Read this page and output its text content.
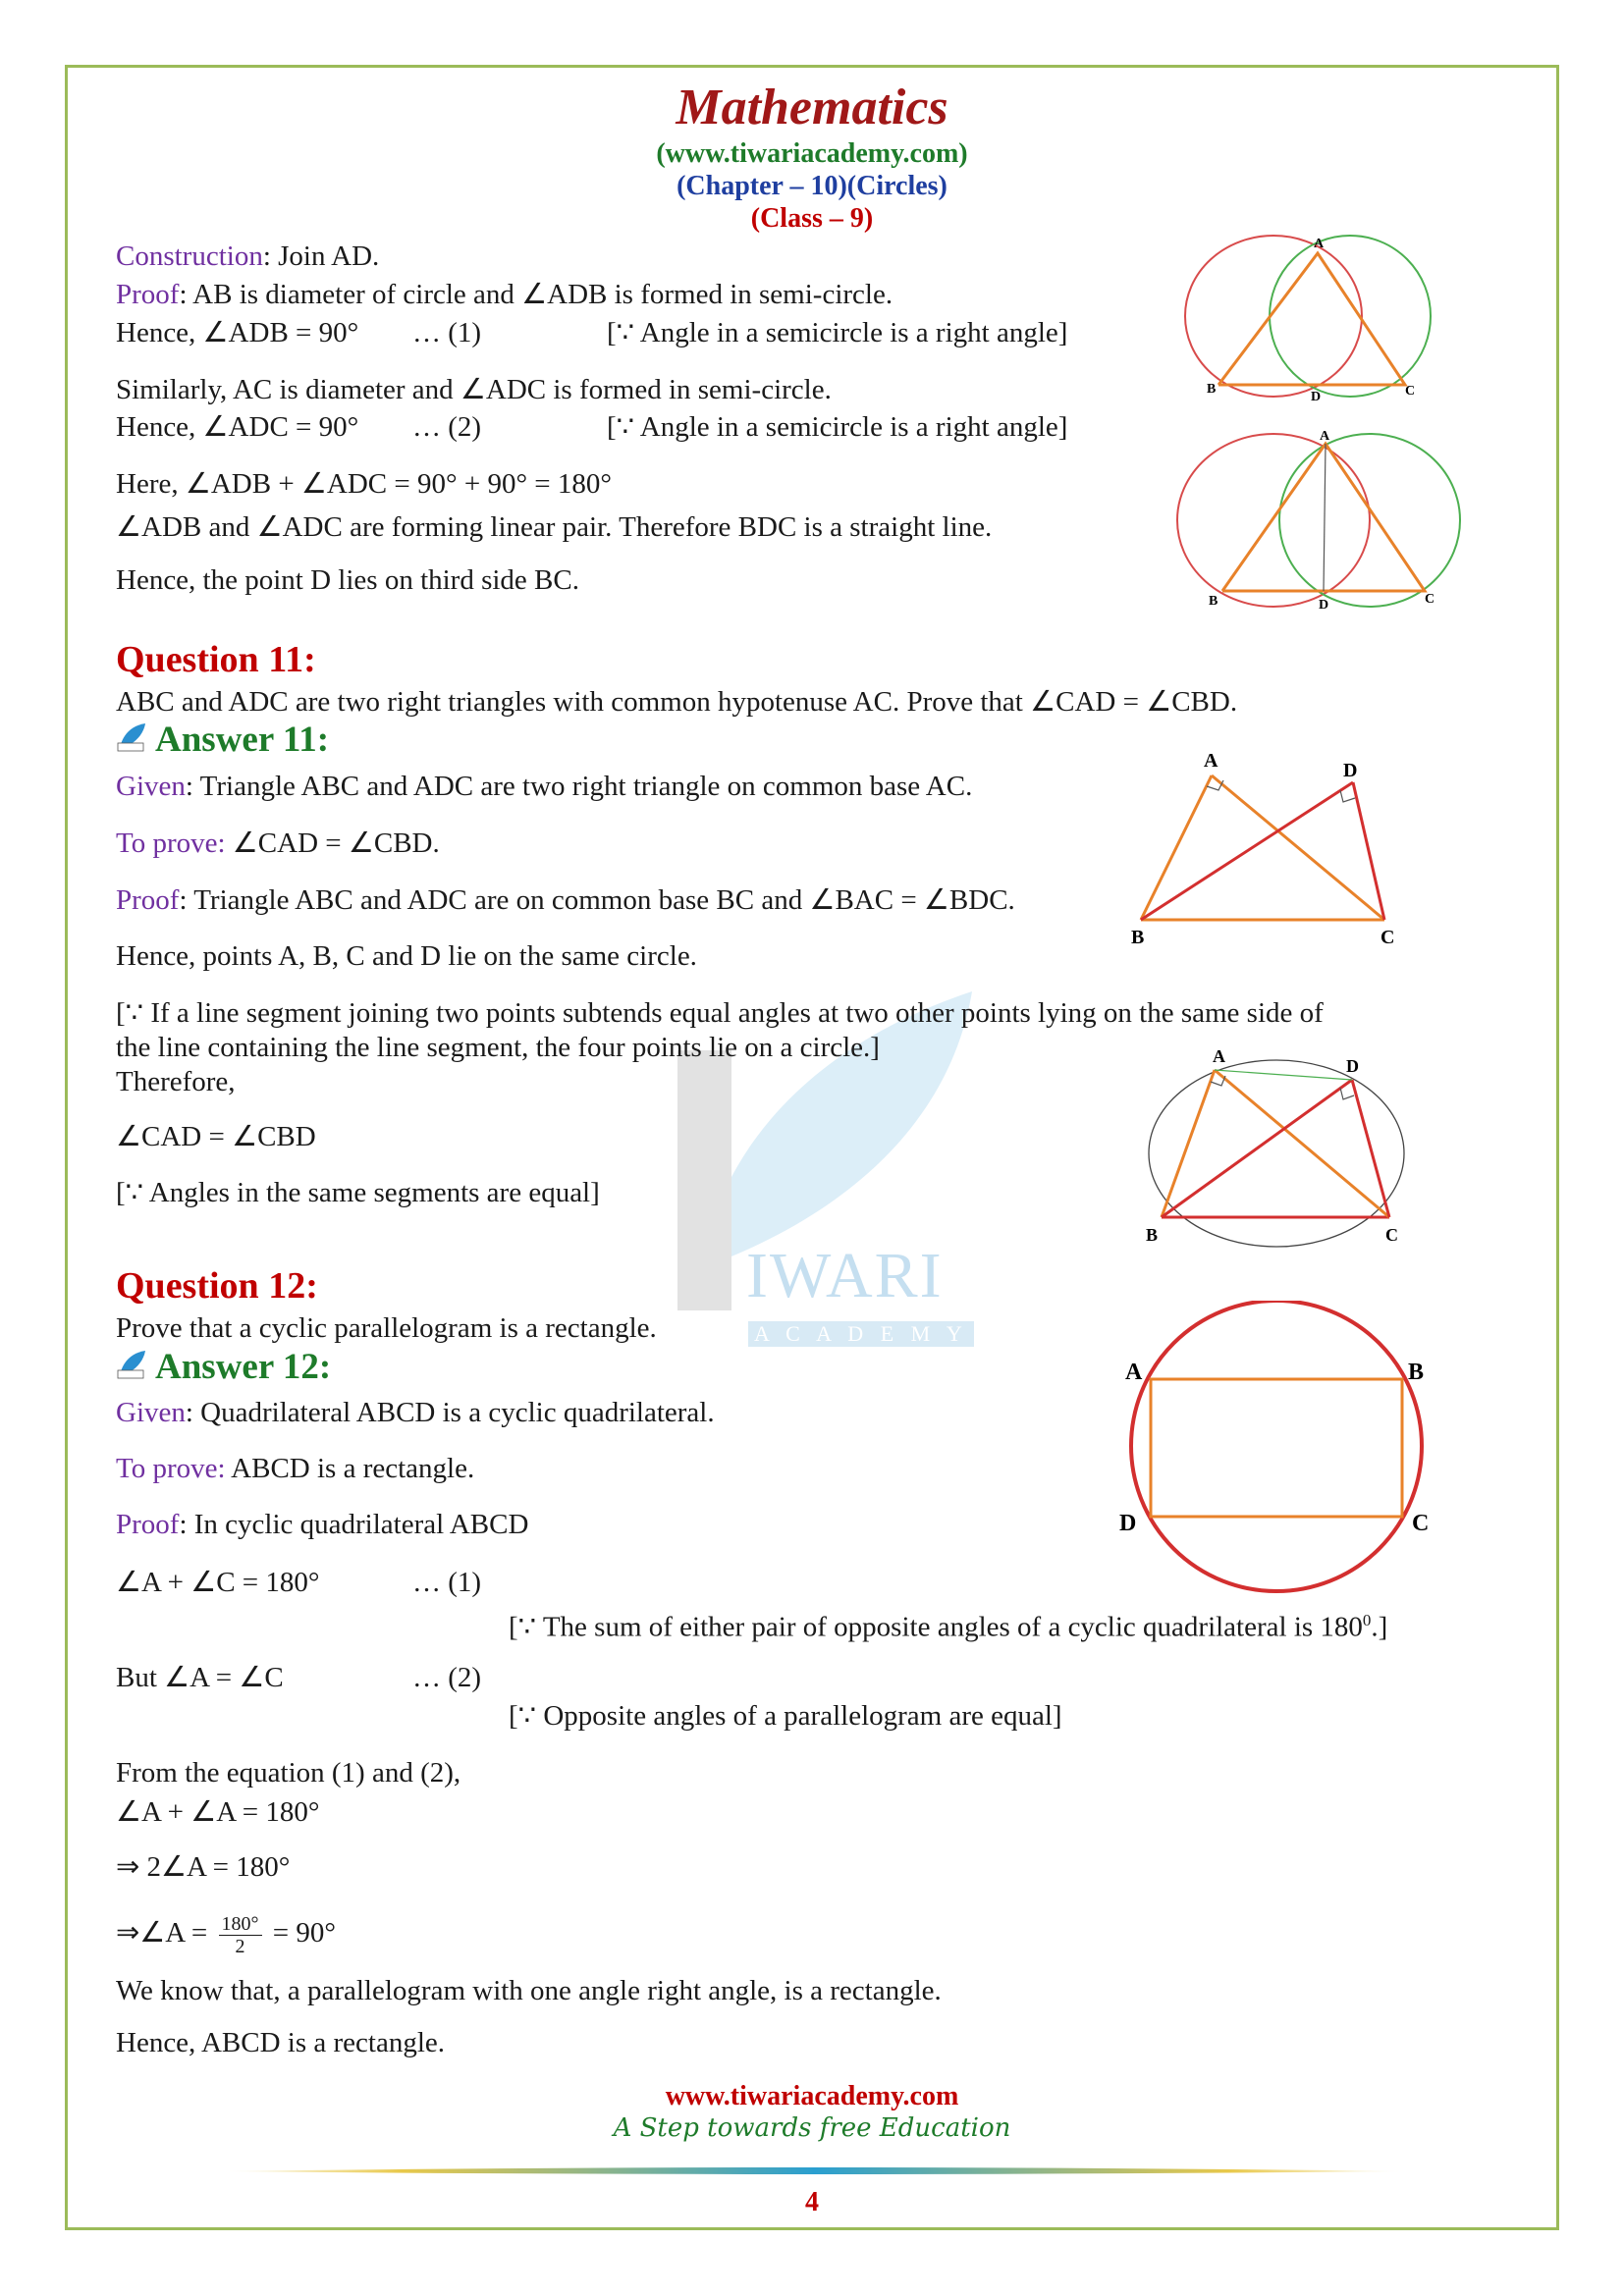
IWARI
A C A D E M Y
Mathematics
(www.tiwariacademy.com)
(Chapter – 10)(Circles)
(Class – 9)
Construction: Join AD.
Proof: AB is diameter of circle and ∠ADB is formed in semi-circle.
Hence, ∠ADB = 90° … (1)	[∵ Angle in a semicircle is a right angle]
Similarly, AC is diameter and ∠ADC is formed in semi-circle.
Hence, ∠ADC = 90° … (2)	[∵ Angle in a semicircle is a right angle]
Here, ∠ADB + ∠ADC = 90° + 90° = 180°
∠ADB and ∠ADC are forming linear pair. Therefore BDC is a straight line.
Hence, the point D lies on third side BC.
A
B
D	C
A
B	D	C
Question 11:
ABC and ADC are two right triangles with common hypotenuse AC. Prove that ∠CAD = ∠CBD.
Answer 11:
Given: Triangle ABC and ADC are two right triangle on common base AC.
To prove: ∠CAD = ∠CBD.
Proof: Triangle ABC and ADC are on common base BC and ∠BAC = ∠BDC.
Hence, points A, B, C and D lie on the same circle.
[∵ If a line segment joining two points subtends equal angles at two other points lying on the same side of
the line containing the line segment, the four points lie on a circle.]
Therefore,
∠CAD = ∠CBD
[∵ Angles in the same segments are equal]
A	D
B	C
A	D
B	C
Question 12:
Prove that a cyclic parallelogram is a rectangle.
Answer 12:
Given: Quadrilateral ABCD is a cyclic quadrilateral.
To prove: ABCD is a rectangle.
Proof: In cyclic quadrilateral ABCD
∠A + ∠C = 180°	… (1)
[∵ The sum of either pair of opposite angles of a cyclic quadrilateral is $180^0$.]
But ∠A = ∠C	… (2)
[∵ Opposite angles of a parallelogram are equal]
From the equation (1) and (2),
∠A + ∠A = 180°
⇒ 2∠A = 180°
⇒∠A = $\frac{180^\circ}{2} = 90^\circ$
We know that, a parallelogram with one angle right angle, is a rectangle.
Hence, ABCD is a rectangle.
A	B
D	C
www.tiwariacademy.com
A Step towards free Education
4
